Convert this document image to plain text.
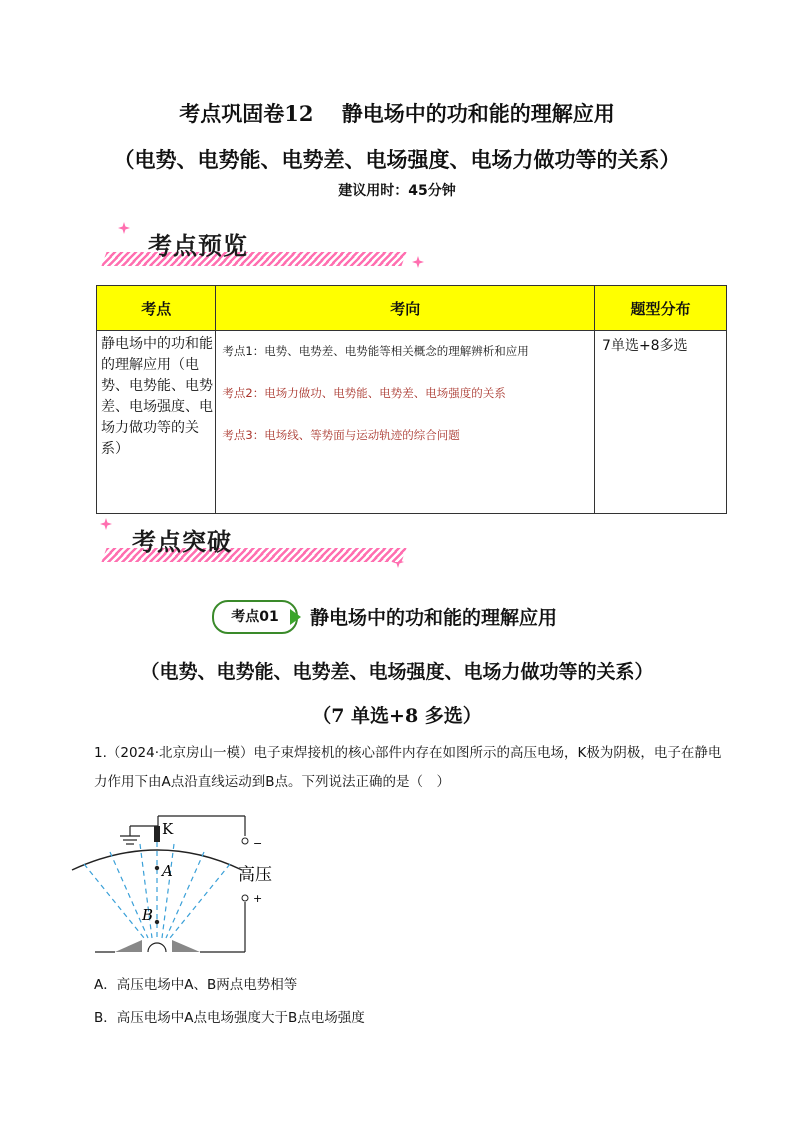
考点巩固卷12　 静电场中的功和能的理解应用
（电势、电势能、电势差、电场强度、电场力做功等的关系）
建议用时：45分钟
考点预览
考点	考向	题型分布
静电场中的功和能的理解应用（电势、电势能、电势差、电场强度、电场力做功等的关系）	考点1：电势、电势差、电势能等相关概念的理解辨析和应用
考点2：电场力做功、电势能、电势差、电场强度的关系
考点3：电场线、等势面与运动轨迹的综合问题	7单选+8多选
考点突破
考点01	静电场中的功和能的理解应用
（电势、电势能、电势差、电场强度、电场力做功等的关系）
（7 单选+8 多选）
1.（2024·北京房山一模）电子束焊接机的核心部件内存在如图所示的高压电场，K极为阴极，电子在静电力作用下由A点沿直线运动到B点。下列说法正确的是（　）
K
A
B
高压
−
+
A．高压电场中A、B两点电势相等
B．高压电场中A点电场强度大于B点电场强度
